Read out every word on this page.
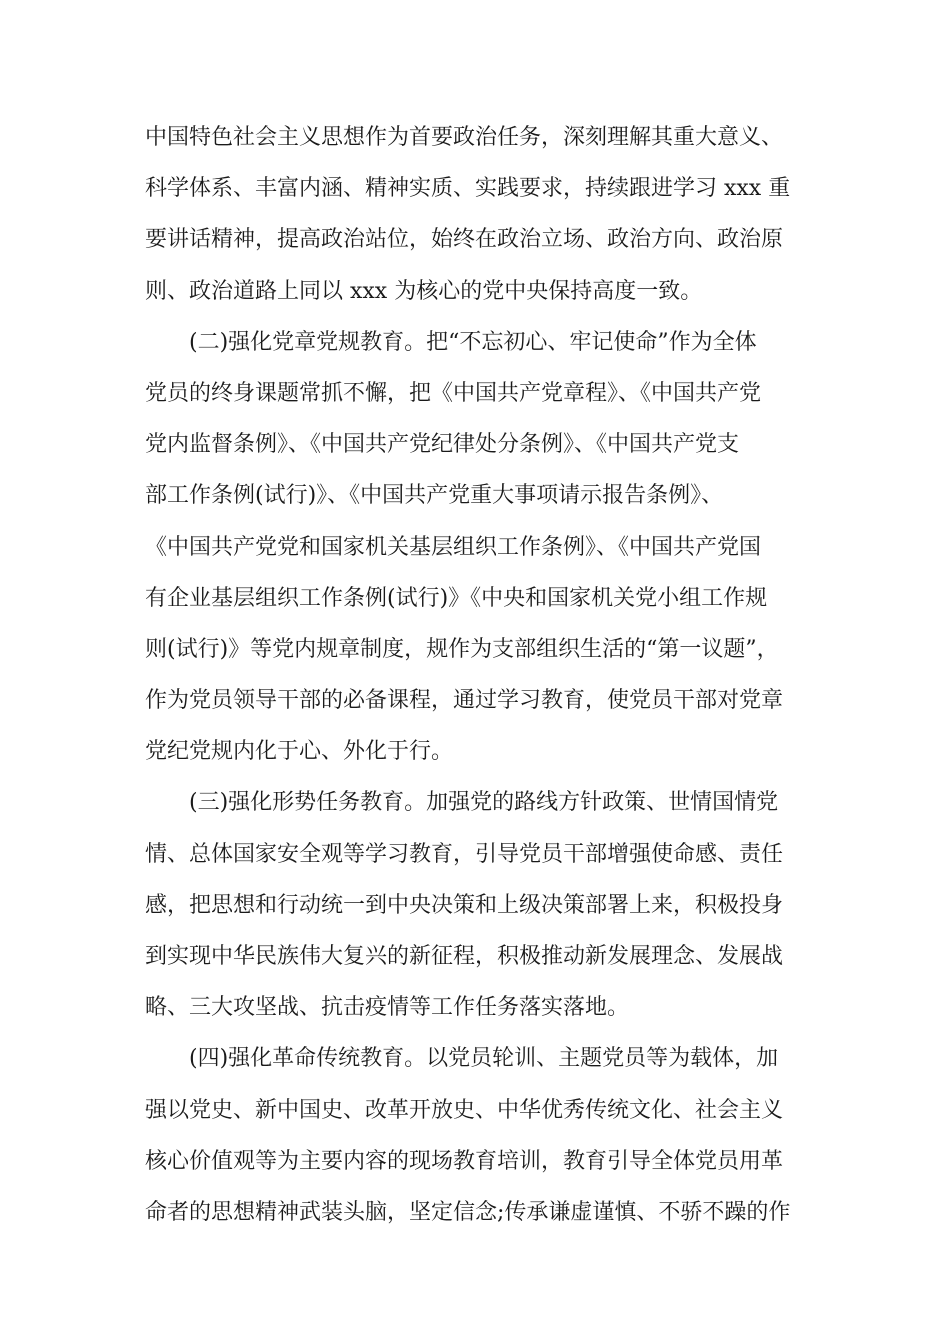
中国特色社会主义思想作为首要政治任务，深刻理解其重大意义、
科学体系、丰富内涵、精神实质、实践要求，持续跟进学习 xxx 重
要讲话精神，提高政治站位，始终在政治立场、政治方向、政治原
则、政治道路上同以 xxx 为核心的党中央保持高度一致。
(二)强化党章党规教育。把“不忘初心、牢记使命”作为全体
党员的终身课题常抓不懈，把《中国共产党章程》、《中国共产党
党内监督条例》、《中国共产党纪律处分条例》、《中国共产党支
部工作条例(试行)》、《中国共产党重大事项请示报告条例》、
《中国共产党党和国家机关基层组织工作条例》、《中国共产党国
有企业基层组织工作条例(试行)》《中央和国家机关党小组工作规
则(试行)》等党内规章制度，规作为支部组织生活的“第一议题”，
作为党员领导干部的必备课程，通过学习教育，使党员干部对党章
党纪党规内化于心、外化于行。
(三)强化形势任务教育。加强党的路线方针政策、世情国情党
情、总体国家安全观等学习教育，引导党员干部增强使命感、责任
感，把思想和行动统一到中央决策和上级决策部署上来，积极投身
到实现中华民族伟大复兴的新征程，积极推动新发展理念、发展战
略、三大攻坚战、抗击疫情等工作任务落实落地。
(四)强化革命传统教育。以党员轮训、主题党员等为载体，加
强以党史、新中国史、改革开放史、中华优秀传统文化、社会主义
核心价值观等为主要内容的现场教育培训，教育引导全体党员用革
命者的思想精神武装头脑，坚定信念;传承谦虚谨慎、不骄不躁的作
